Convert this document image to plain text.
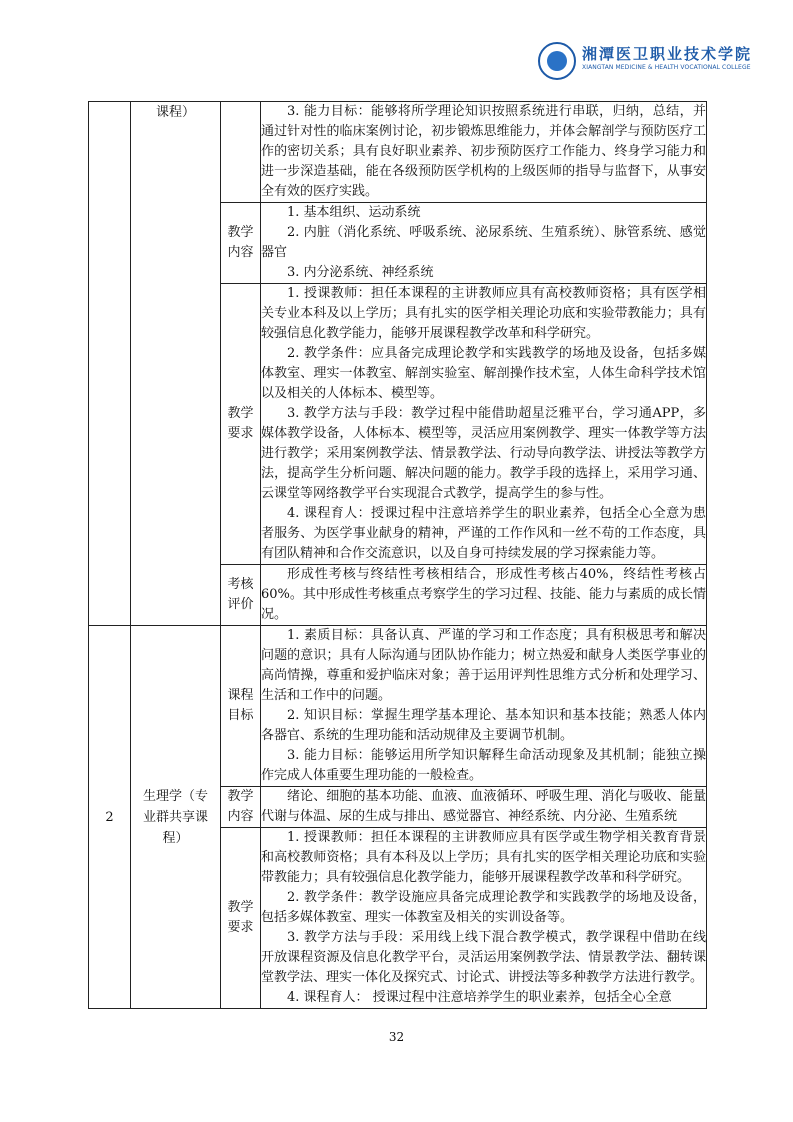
湘潭医卫职业技术学院
XIANGTAN MEDICINE & HEALTH VOCATIONAL COLLEGE
	课程）		3. 能力目标：能够将所学理论知识按照系统进行串联，归纳，总结，并通过针对性的临床案例讨论，初步锻炼思维能力，并体会解剖学与预防医疗工作的密切关系；具有良好职业素养、初步预防医疗工作能力、终身学习能力和进一步深造基础，能在各级预防医学机构的上级医师的指导与监督下，从事安全有效的医疗实践。

		教学内容	1. 基本组织、运动系统

2. 内脏（消化系统、呼吸系统、泌尿系统、生殖系统）、脉管系统、感觉器官

3. 内分泌系统、神经系统

		教学要求	1. 授课教师：担任本课程的主讲教师应具有高校教师资格；具有医学相关专业本科及以上学历；具有扎实的医学相关理论功底和实验带教能力；具有较强信息化教学能力，能够开展课程教学改革和科学研究。

2. 教学条件：应具备完成理论教学和实践教学的场地及设备，包括多媒体教室、理实一体教室、解剖实验室、解剖操作技术室，人体生命科学技术馆以及相关的人体标本、模型等。

3. 教学方法与手段：教学过程中能借助超星泛雅平台，学习通APP，多媒体教学设备，人体标本、模型等，灵活应用案例教学、理实一体教学等方法进行教学；采用案例教学法、情景教学法、行动导向教学法、讲授法等教学方法，提高学生分析问题、解决问题的能力。教学手段的选择上，采用学习通、云课堂等网络教学平台实现混合式教学，提高学生的参与性。

4. 课程育人：授课过程中注意培养学生的职业素养，包括全心全意为患者服务、为医学事业献身的精神，严谨的工作作风和一丝不苟的工作态度，具有团队精神和合作交流意识，以及自身可持续发展的学习探索能力等。

		考核评价	形成性考核与终结性考核相结合，形成性考核占40%，终结性考核占60%。其中形成性考核重点考察学生的学习过程、技能、能力与素质的成长情况。

2	生理学（专业群共享课程）	课程目标	1. 素质目标：具备认真、严谨的学习和工作态度；具有积极思考和解决问题的意识；具有人际沟通与团队协作能力；树立热爱和献身人类医学事业的高尚情操，尊重和爱护临床对象；善于运用评判性思维方式分析和处理学习、生活和工作中的问题。

2. 知识目标：掌握生理学基本理论、基本知识和基本技能；熟悉人体内各器官、系统的生理功能和活动规律及主要调节机制。

3. 能力目标：能够运用所学知识解释生命活动现象及其机制；能独立操作完成人体重要生理功能的一般检查。

		教学内容	绪论、细胞的基本功能、血液、血液循环、呼吸生理、消化与吸收、能量代谢与体温、尿的生成与排出、感觉器官、神经系统、内分泌、生殖系统

		教学要求	1. 授课教师：担任本课程的主讲教师应具有医学或生物学相关教育背景和高校教师资格；具有本科及以上学历；具有扎实的医学相关理论功底和实验带教能力；具有较强信息化教学能力，能够开展课程教学改革和科学研究。

2. 教学条件：教学设施应具备完成理论教学和实践教学的场地及设备，包括多媒体教室、理实一体教室及相关的实训设备等。

3. 教学方法与手段：采用线上线下混合教学模式，教学课程中借助在线开放课程资源及信息化教学平台，灵活运用案例教学法、情景教学法、翻转课堂教学法、理实一体化及探究式、讨论式、讲授法等多种教学方法进行教学。

4. 课程育人： 授课过程中注意培养学生的职业素养，包括全心全意

32
